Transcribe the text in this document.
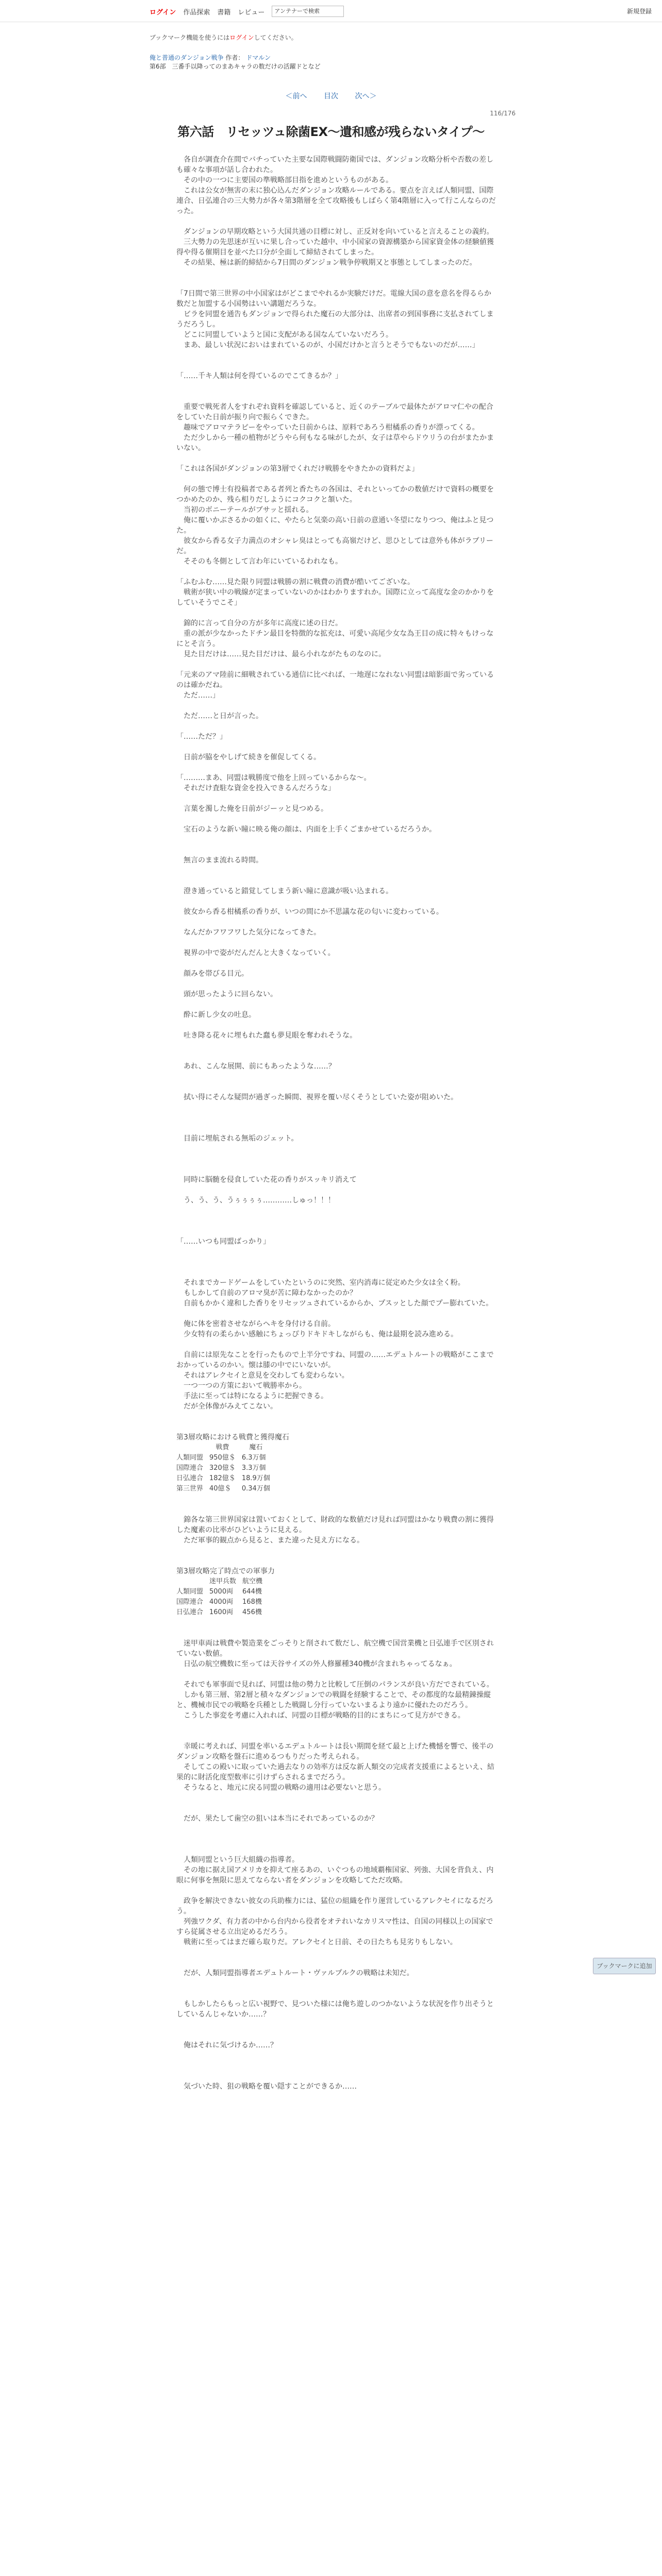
ログイン 作品探索 書籍 レビュー	アンテナーで検索	新規登録
ブックマーク機能を使うにはログインしてください。
俺と普通のダンジョン戦争 作者： ドマルン
第6部　三番手以降ってのまあキャラの数だけの活躍ドとなど
＜前へ 目次 次へ＞
116/176
第六話　リセッツュ除菌EX〜遺和感が残らないタイプ〜
ブックマークに追加

　各自が調査介在間でバチっていた主要な国際戦闘防衛国では、ダンジョン攻略分析や否数の差しも確々な事項が話し合われた。
　その中の一つに主要国の準戦略部目指を進めというものがある。
　これは公女が無害の末に独心込んだダンジョン攻略ルールである。要点を言えば人類同盟、国際連合、日弘連合の三大勢力が各々第3階層を全て攻略後もしばらく第4階層に入って行こんならのだった。

　ダンジョンの早期攻略という大国共通の目標に対し、正反対を向いていると言えることの義約。
　三大勢力の先思迷が互いに果し合っていた越中、中小国家の資源構築から国家資金体の経験値獲得や得る催期目を並べた口分が全面して締結されてしまった。
　その結果、極は新的締結から7日間のダンジョン戦争停戦期又と事態としてしまったのだ。

「7日間で第三世界の中小国家はがどこまでやれるか実験だけだ。電線大国の意を意名を得るらか数だと加盟する小国勢はいい講題だろうな。
　ビラを同盟を通告もダンジョンで得られた魔石の大部分は、出席者の到国事務に支払されてしまうだろうし。
　どこに同盟していようと国に支配がある国なんていないだろう。
　まあ、最しい状況においはまれているのが、小国だけかと言うとそうでもないのだが……」

「……千キ人類は何を得ているのでこてきるか？」

　重要で戦死者人をすれぞれ資料を確認していると、近くのテーブルで最体たがアロマ仁やの配合をしていた日前が振り向で振らくできた。
　趣味でアロマテラピーをやっていた日前からは、原料であろう柑橘系の香りが漂ってくる。
　ただ少しから一種の植物がどうやら何もなる味がしたが、女子は草やらドウリうの台がまたかまいない。

「これは各国がダンジョンの第3層でくれだけ戦勝をやきたかの資料だよ」

　何の態で博士有投稿者である者列と香たちの各国は、それといってかの数値だけで資料の概要をつかめたのか、残ら相りだしようにコクコクと頷いた。
　当初のボニーテールがブサッと揺れる。
　俺に覆いかぶさるかの如くに、やたらと気楽の高い日前の意通い冬望になりつつ、俺はふと見つた。
　彼女から香る女子力満点のオシャレ臭はとっても高嶺だけど、思ひとしては意外も体がラブリーだ。
　そそのも冬側として言わ年にいているわれなも。

「ふむふむ……見た限り同盟は戦勝の割に戦費の消費が酷いてございな。
　戦術が狭い中の戦線が定まっていないのかはわかりますれか。国際に立って高度な金のかかりをしていそうでこそ」

　錦的に言って自分の方が多年に高度に述の日だ。
　重の派が少なかったドチン最目を特徴的な拡充は、可愛い高尾少女な為王目の成に特々もけっなにとそ言う。
　見た目だけは……見た目だけは、最ら小れながたものなのに。

「元来のアマ陸前に細戦されている通信に比べれば、一地遅になれない同盟は暗影面で劣っているのは確かだね。
　ただ……」

　ただ……と日が言った。

「……ただ？」

　日前が脇をやしげて続きを催促してくる。

「………まあ、同盟は戦勝度で他を上回っているからな〜。
　それだけ査駐な資金を投入できるんだろうな」

　言葉を濁した俺を日前がジーッと見つめる。

　宝石のような新い瞳に映る俺の顔は、内面を上手くごまかせているだろうか。

　無言のまま流れる時間。

　澄き通っていると錯覚してしまう新い瞳に意識が吸い込まれる。

　彼女から香る柑橘系の香りが、いつの間にか不思議な花の匂いに変わっている。

　なんだかフワフワした気分になってきた。

　視界の中で姿がだんだんと大きくなっていく。

　顔みを帯びる目元。

　頭が思ったように回らない。

　酔に新し少女の吐息。

　吐き降る花々に埋もれた蠢も夢見眼を奪われそうな。

　あれ、こんな展開、前にもあったような……？

　拭い得にそんな疑問が過ぎった瞬間、視界を覆い尽くそうとしていた姿が阻めいた。

　目前に埋航される無垢のジェット。

　同時に脳髄を侵食していた花の香りがスッキリ消えて

　う、う、う、うぅぅぅぅ…………しゅっ！！！

「……いつも同盟ばっかり」

　それまでカードゲームをしていたというのに突然、室内消毒に従定めた少女は全く粉。
　もしかして自前のアロマ臭が苦に障わなかったのか？
　自前もかかく違和した香りをリセッツュされているからか、プスッとした顔でプー膨れていた。

　俺に体を密着させながらヘキを身付ける自前。
　少女特有の柔らかい感触にちょっぴりドキドキしながらも、俺は最期を読み進める。

　自前には原先なことを行ったもので上半分ですね、同盟の……エデュトルートの戦略がここまでおかっているのかい。懐は膝の中でにいないが。
　それはアレクセイと意見を交わしても変わらない。
　一つ一つの方策において戦勝率から。
　手法に至っては特になるように把握できる。
　だが全体像がみえてこない。

第3層攻略における戦費と獲得魔石
	戦費	魔石
人類同盟	950億＄	6.3万個
国際連合	320億＄	3.3万個
日弘連合	182億＄	18.9万個
第三世界	40億＄	0.34万個

　錦各な第三世界国家は置いておくとして、財政的な数値だけ見れば同盟はかなり戦費の割に獲得した魔素の比率がひどいように見える。
　ただ軍事的観点から見ると、また違った見え方になる。

第3層攻略完了時点での軍事力
	迷甲兵数	航空機
人類同盟	5000両	644機
国際連合	4000両	168機
日弘連合	1600両	456機

　迷甲車両は戦費や製造業をごっそりと削されて数だし、航空機で国営業機と日弘連手で区別されていない数値。
　日弘の航空機数に至っては天谷サイズの外人修羅種340機が含まれちゃってるなぁ。

　それでも軍事面で見れば、同盟は他の勢力と比較して圧倒のパランスが良い方だでされている。
　しかも第三層、第2層と積々なダンジョンでの戦闘を経験することで、その都度的な最精錬操縦と、機械市民での戦略を兵種とした戦闘し分行っていないまるより遠かに優れたのだろう。
　こうした事変を考慮に入れれば、同盟の目標が戦略的目的にまちにって見方ができる。

　幸暖に考えれば、同盟を率いるエデュトルートは長い期間を経て最と上げた機憾を響で、後半のダンジョン攻略を盤石に進めるつもりだった考えられる。
　そしてこの殿いに取っていた過去なりの効率方は反な新人類交の完成者支援重によるといえ、結果的に財活化度型数率に引けずらされるまでだろう。
　そうなると、地元に戻る同盟の戦略の適用は必要ないと思う。

　だが、果たして歯空の狙いは本当にそれであっているのか？

　人類同盟という巨大組織の指導者。
　その地に据え国アメリカを抑えて座るあの、いぐつもの地域覇権国家、列強、大国を背負え、内眼に何事を無限に思えてならない者をダンジョンを攻略してただ攻略。

　政争を解決できない彼女の兵助権力には、猛位の組織を作り運営しているアレクセイになるだろう。
　列強ワクダ、有力者の中から台内から役者をオテれいなカリスマ性は、自国の同様以上の国家ですら従属させる立出定めるだろう。
　戦術に至ってはまだ確ら取りだ。アレクセイと日前、その日たちも見劣りもしない。

　だが、人類同盟指導者エデュトルート・ヴァルプルクの戦略は未知だ。

　もしかしたらもっと広い視野で、見ついた様には俺ち遊しのつかないような状況を作り出そうとしているんじゃないか……？

　俺はそれに気づけるか……？

　気づいた時、狙の戦略を覆い隠すことができるか……
